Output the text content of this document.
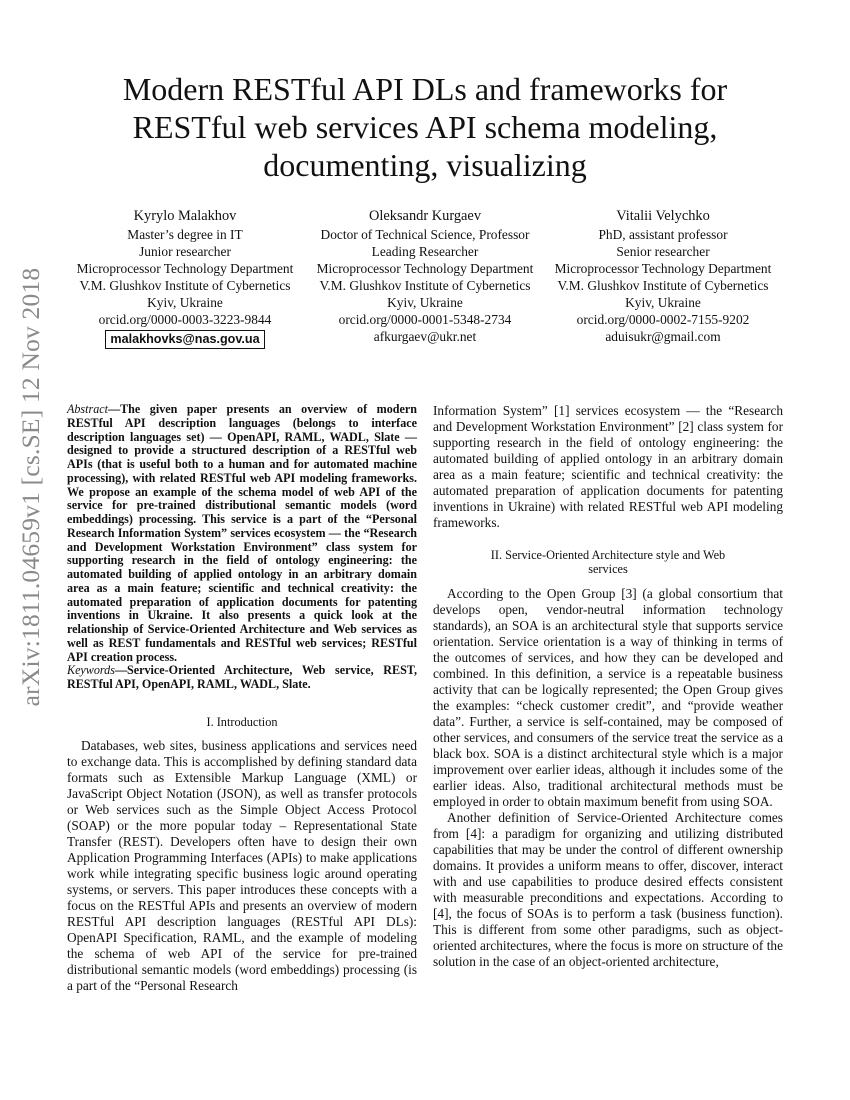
arXiv:1811.04659v1 [cs.SE] 12 Nov 2018
Modern RESTful API DLs and frameworks for
RESTful web services API schema modeling,
documenting, visualizing
Kyrylo Malakhov
Master’s degree in IT
Junior researcher
Microprocessor Technology Department
V.M. Glushkov Institute of Cybernetics
Kyiv, Ukraine
orcid.org/0000-0003-3223-9844
malakhovks@nas.gov.ua
Oleksandr Kurgaev
Doctor of Technical Science, Professor
Leading Researcher
Microprocessor Technology Department
V.M. Glushkov Institute of Cybernetics
Kyiv, Ukraine
orcid.org/0000-0001-5348-2734
afkurgaev@ukr.net
Vitalii Velychko
PhD, assistant professor
Senior researcher
Microprocessor Technology Department
V.M. Glushkov Institute of Cybernetics
Kyiv, Ukraine
orcid.org/0000-0002-7155-9202
aduisukr@gmail.com

Abstract—The given paper presents an overview of modern RESTful API description languages (belongs to interface description languages set) — OpenAPI, RAML, WADL, Slate — designed to provide a structured description of a RESTful web APIs (that is useful both to a human and for automated machine processing), with related RESTful web API modeling frameworks. We propose an example of the schema model of web API of the service for pre-trained distributional semantic models (word embeddings) processing. This service is a part of the “Personal Research Information System” services ecosystem — the “Research and Development Workstation Environment” class system for supporting research in the field of ontology engineering: the automated building of applied ontology in an arbitrary domain area as a main feature; scientific and technical creativity: the automated preparation of application documents for patenting inventions in Ukraine. It also presents a quick look at the relationship of Service-Oriented Architecture and Web services as well as REST fundamentals and RESTful web services; RESTful API creation process.

Keywords—Service-Oriented Architecture, Web service, REST, RESTful API, OpenAPI, RAML, WADL, Slate.

I. Introduction

Databases, web sites, business applications and services need to exchange data. This is accomplished by defining standard data formats such as Extensible Markup Language (XML) or JavaScript Object Notation (JSON), as well as transfer protocols or Web services such as the Simple Object Access Protocol (SOAP) or the more popular today – Representational State Transfer (REST). Developers often have to design their own Application Programming Interfaces (APIs) to make applications work while integrating specific business logic around operating systems, or servers. This paper introduces these concepts with a focus on the RESTful APIs and presents an overview of modern RESTful API description languages (RESTful API DLs): OpenAPI Specification, RAML, and the example of modeling the schema of web API of the service for pre-trained distributional semantic models (word embeddings) processing (is a part of the “Personal Research

Information System” [1] services ecosystem — the “Research and Development Workstation Environment” [2] class system for supporting research in the field of ontology engineering: the automated building of applied ontology in an arbitrary domain area as a main feature; scientific and technical creativity: the automated preparation of application documents for patenting inventions in Ukraine) with related RESTful web API modeling frameworks.

II. Service-Oriented Architecture style and Web
services

According to the Open Group [3] (a global consortium that develops open, vendor-neutral information technology standards), an SOA is an architectural style that supports service orientation. Service orientation is a way of thinking in terms of the outcomes of services, and how they can be developed and combined. In this definition, a service is a repeatable business activity that can be logically represented; the Open Group gives the examples: “check customer credit”, and “provide weather data”. Further, a service is self-contained, may be composed of other services, and consumers of the service treat the service as a black box. SOA is a distinct architectural style which is a major improvement over earlier ideas, although it includes some of the earlier ideas. Also, traditional architectural methods must be employed in order to obtain maximum benefit from using SOA.

Another definition of Service-Oriented Architecture comes from [4]: a paradigm for organizing and utilizing distributed capabilities that may be under the control of different ownership domains. It provides a uniform means to offer, discover, interact with and use capabilities to produce desired effects consistent with measurable preconditions and expectations. According to [4], the focus of SOAs is to perform a task (business function). This is different from some other paradigms, such as object-oriented architectures, where the focus is more on structure of the solution in the case of an object-oriented architecture,
